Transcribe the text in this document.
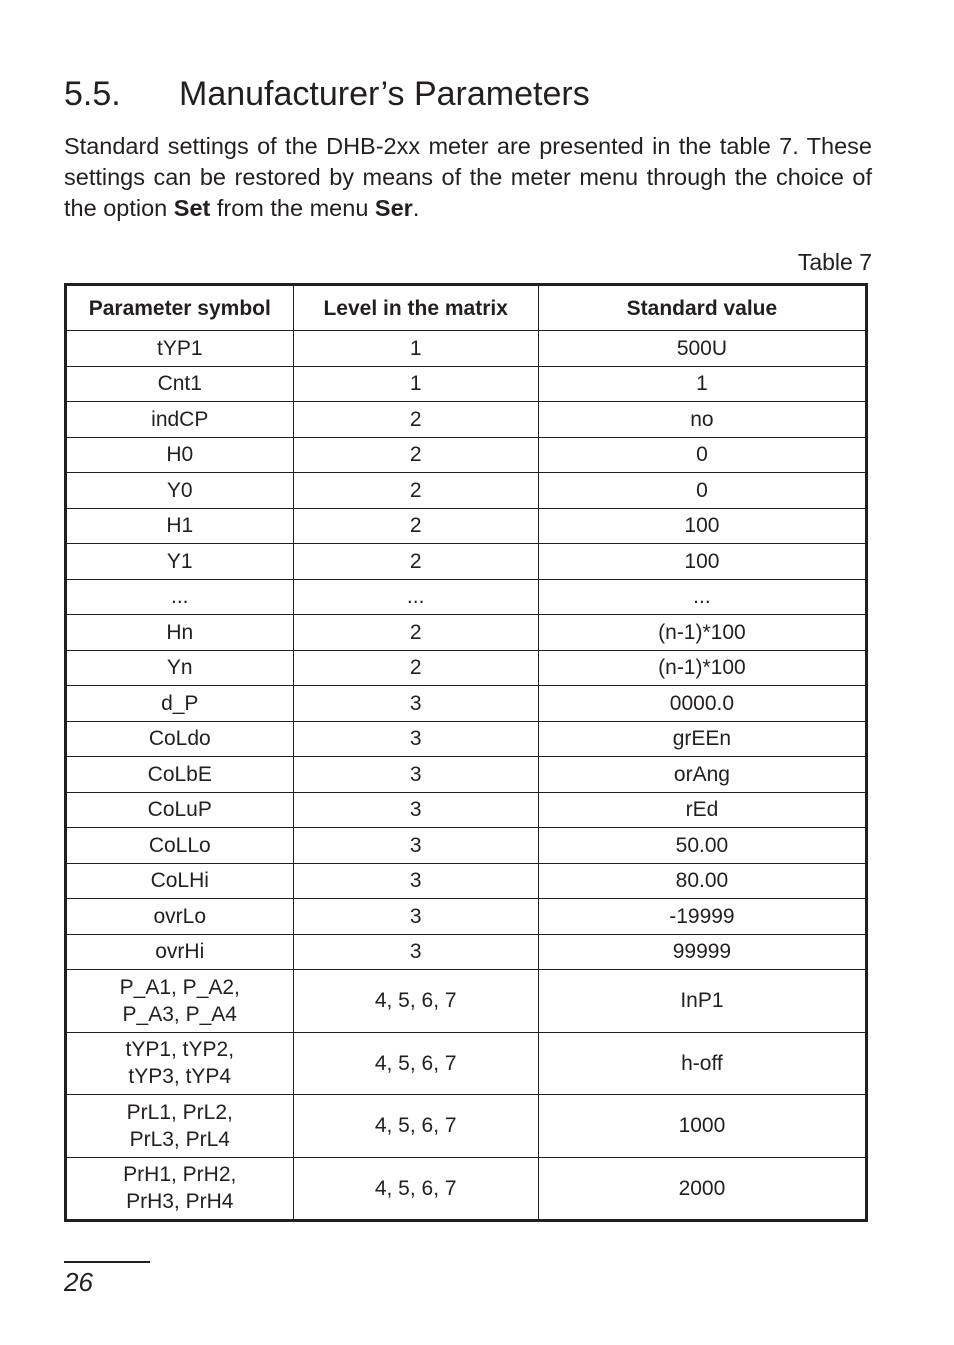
5.5. Manufacturer’s Parameters

Standard settings of the DHB-2xx meter are presented in the table 7. These settings can be restored by means of the meter menu through the choice of the option Set from the menu Ser.

Table 7
Parameter symbol	Level in the matrix	Standard value
tYP1	1	500U
Cnt1	1	1
indCP	2	no
H0	2	0
Y0	2	0
H1	2	100
Y1	2	100
...	...	...
Hn	2	(n-1)*100
Yn	2	(n-1)*100
d_P	3	0000.0
CoLdo	3	grEEn
CoLbE	3	orAng
CoLuP	3	rEd
CoLLo	3	50.00
CoLHi	3	80.00
ovrLo	3	-19999
ovrHi	3	99999
P_A1, P_A2,
P_A3, P_A4	4, 5, 6, 7	InP1
tYP1, tYP2,
tYP3, tYP4	4, 5, 6, 7	h-off
PrL1, PrL2,
PrL3, PrL4	4, 5, 6, 7	1000
PrH1, PrH2,
PrH3, PrH4	4, 5, 6, 7	2000
26
